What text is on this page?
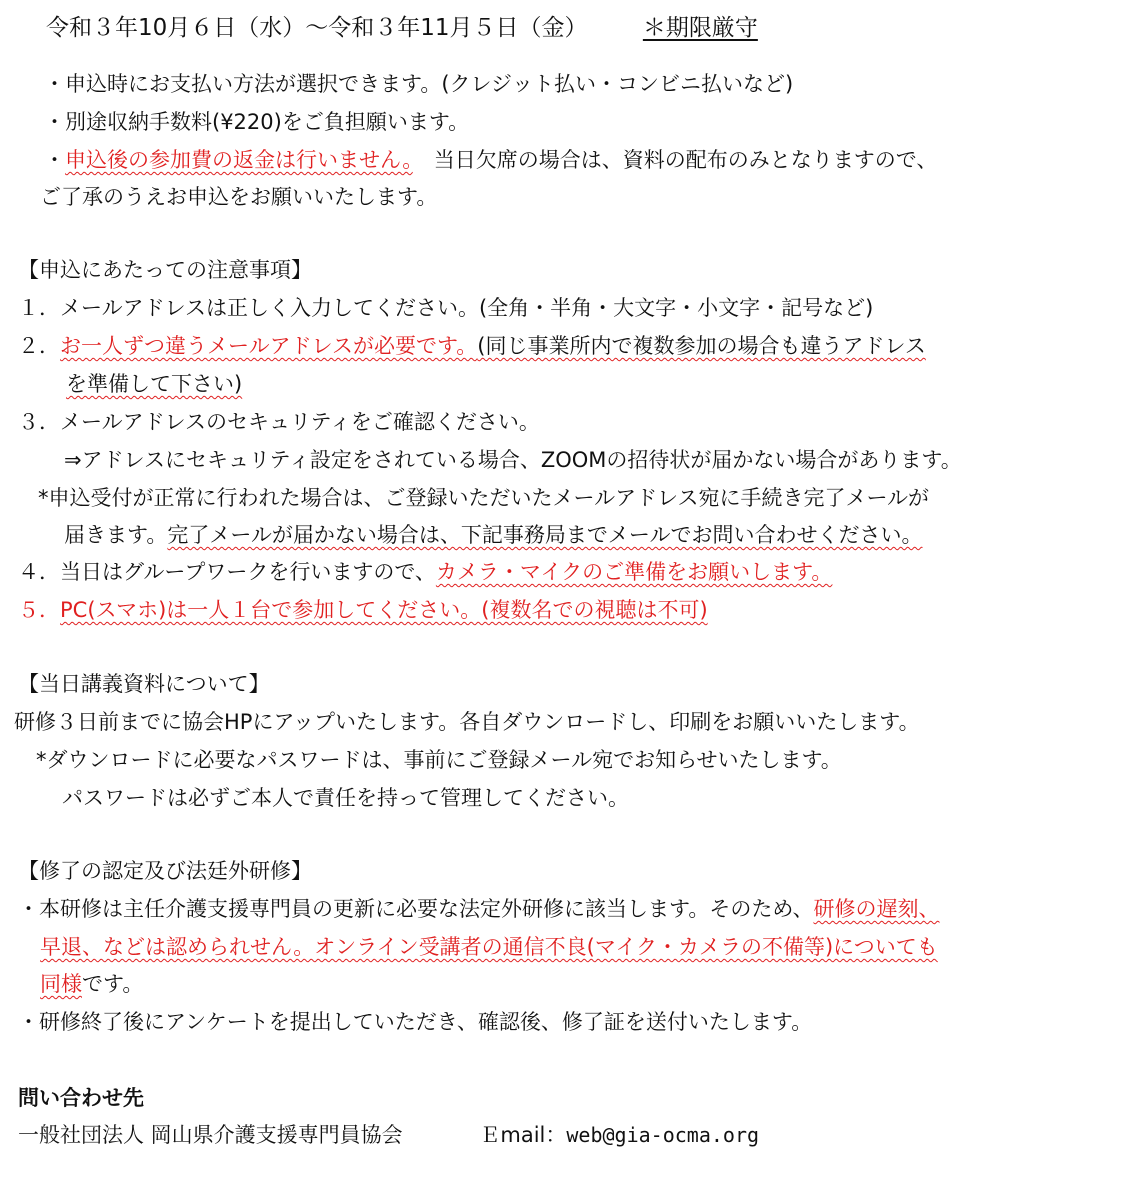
令和３年10月６日（水）～令和３年11月５日（金） ＊期限厳守
・申込時にお支払い方法が選択できます。(クレジット払い・コンビニ払いなど)
・別途収納手数料(¥220)をご負担願います。
・申込後の参加費の返金は行いません。　当日欠席の場合は、資料の配布のみとなりますので、
ご了承のうえお申込をお願いいたします。
【申込にあたっての注意事項】
１．メールアドレスは正しく入力してください。(全角・半角・大文字・小文字・記号など)
２．お一人ずつ違うメールアドレスが必要です。(同じ事業所内で複数参加の場合も違うアドレス
を準備して下さい)
３．メールアドレスのセキュリティをご確認ください。
⇒アドレスにセキュリティ設定をされている場合、ZOOMの招待状が届かない場合があります。
*申込受付が正常に行われた場合は、ご登録いただいたメールアドレス宛に手続き完了メールが
届きます。完了メールが届かない場合は、下記事務局までメールでお問い合わせください。
４．当日はグループワークを行いますので、カメラ・マイクのご準備をお願いします。
５．PC(スマホ)は一人１台で参加してください。(複数名での視聴は不可)
【当日講義資料について】
研修３日前までに協会HPにアップいたします。各自ダウンロードし、印刷をお願いいたします。
*ダウンロードに必要なパスワードは、事前にご登録メール宛でお知らせいたします。
パスワードは必ずご本人で責任を持って管理してください。
【修了の認定及び法廷外研修】
・本研修は主任介護支援専門員の更新に必要な法定外研修に該当します。そのため、研修の遅刻、
早退、などは認められせん。オンライン受講者の通信不良(マイク・カメラの不備等)についても
同様です。
・研修終了後にアンケートを提出していただき、確認後、修了証を送付いたします。
問い合わせ先
一般社団法人 岡山県介護支援専門員協会	Ｅmail：web@gia-ocma.org
